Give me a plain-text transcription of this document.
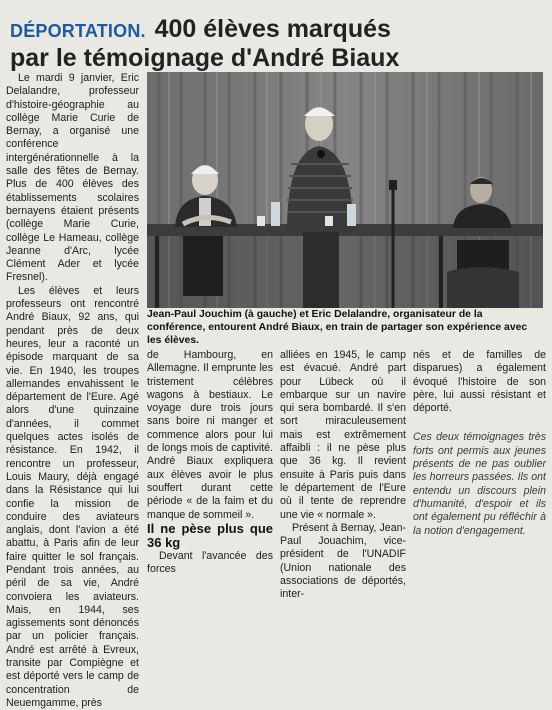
DÉPORTATION. 400 élèves marqués
par le témoignage d'André Biaux

Le mardi 9 janvier, Eric Delalandre, professeur d'histoire-géographie au collège Marie Curie de Bernay, a organisé une conférence intergénérationnelle à la salle des fêtes de Bernay. Plus de 400 élèves des établissements scolaires bernayens étaient présents (collège Marie Curie, collège Le Hameau, collège Jeanne d'Arc, lycée Clément Ader et lycée Fresnel).

Les élèves et leurs professeurs ont rencontré André Biaux, 92 ans, qui pendant près de deux heures, leur a raconté un épisode marquant de sa vie. En 1940, les troupes allemandes envahissent le département de l'Eure. Agé alors d'une quinzaine d'années, il commet quelques actes isolés de résistance. En 1942, il rencontre un professeur, Louis Maury, déjà engagé dans la Résistance qui lui confie la mission de conduire des aviateurs anglais, dont l'avion a été abattu, à Paris afin de leur faire quitter le sol français. Pendant trois années, au péril de sa vie, André convoiera les aviateurs. Mais, en 1944, ses agissements sont dénoncés par un policier français. André est arrêté à Evreux, transite par Compiègne et est déporté vers le camp de concentration de Neuemgamme, près

Jean-Paul Jouchim (à gauche) et Eric Delalandre, organisateur de la conférence, entourent André Biaux, en train de partager son expérience avec les élèves.

de Hambourg, en Allemagne. Il emprunte les tristement célèbres wagons à bestiaux. Le voyage dure trois jours sans boire ni manger et commence alors pour lui de longs mois de captivité. André Biaux expliquera aux élèves avoir le plus souffert durant cette période « de la faim et du manque de sommeil ».

Il ne pèse plus que 36 kg

Devant l'avancée des forces

alliées en 1945, le camp est évacué. André part pour Lübeck où il embarque sur un navire qui sera bombardé. Il s'en sort miraculeusement mais est extrêmement affaibli : il ne pèse plus que 36 kg. Il revient ensuite à Paris puis dans le département de l'Eure où il tente de reprendre une vie « normale ».

Présent à Bernay, Jean-Paul Jouachim, vice-président de l'UNADIF (Union nationale des associations de déportés, inter-

nés et de familles de disparues) a également évoqué l'histoire de son père, lui aussi résistant et déporté.

Ces deux témoignages très forts ont permis aux jeunes présents de ne pas oublier les horreurs passées. Ils ont entendu un discours plein d'humanité, d'espoir et ils ont également pu réfléchir à la notion d'engagement.
